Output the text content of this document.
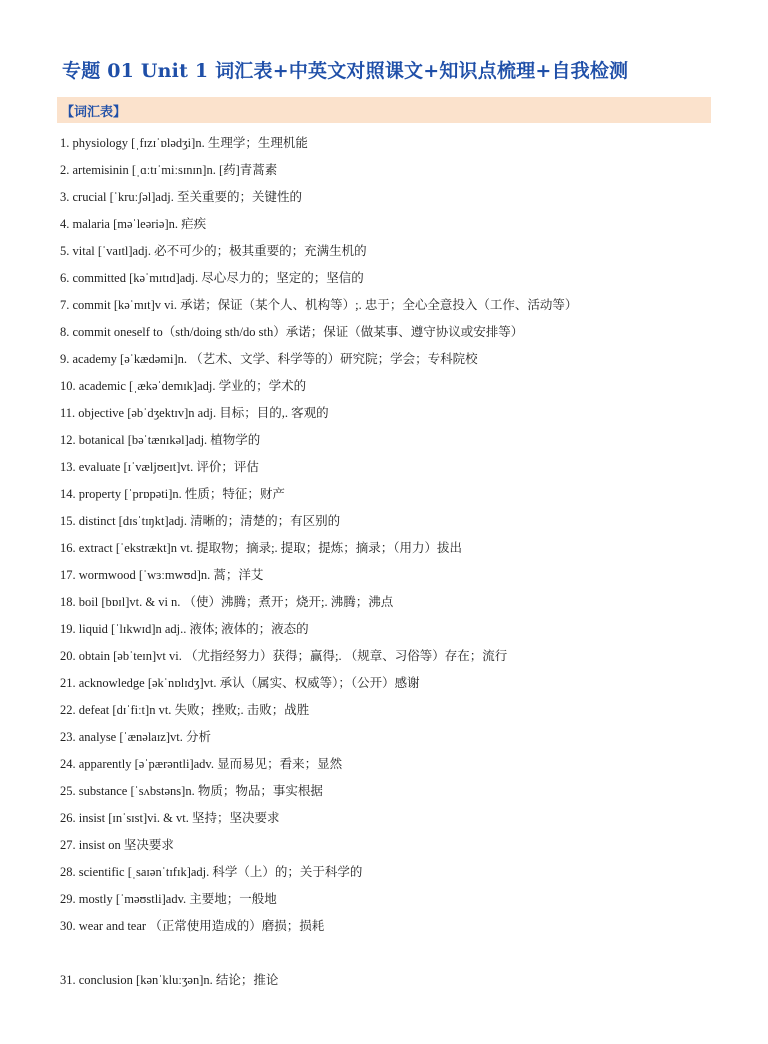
专题 01 Unit 1 词汇表+中英文对照课文+知识点梳理+自我检测
【词汇表】
1. physiology [ˌfɪzɪˈɒlədʒi]n. 生理学；生理机能
2. artemisinin [ˌɑːtɪˈmiːsɪnɪn]n. [药]青蒿素
3. crucial [ˈkruːʃəl]adj. 至关重要的；关键性的
4. malaria [məˈleəriə]n. 疟疾
5. vital [ˈvaɪtl]adj. 必不可少的；极其重要的；充满生机的
6. committed [kəˈmɪtɪd]adj. 尽心尽力的；坚定的；坚信的
7. commit [kəˈmɪt]v vi. 承诺；保证（某个人、机构等）;. 忠于；全心全意投入（工作、活动等）
8. commit oneself to（sth/doing sth/do sth）承诺；保证（做某事、遵守协议或安排等）
9. academy [əˈkædəmi]n. （艺术、文学、科学等的）研究院；学会；专科院校
10. academic [ˌækəˈdemɪk]adj. 学业的；学术的
11. objective [əbˈdʒektɪv]n adj. 目标；目的,. 客观的
12. botanical [bəˈtænɪkəl]adj. 植物学的
13. evaluate [ɪˈvæljʊeɪt]vt. 评价；评估
14. property [ˈprɒpəti]n. 性质；特征；财产
15. distinct [dɪsˈtɪŋkt]adj. 清晰的；清楚的；有区别的
16. extract [ˈekstrækt]n vt. 提取物；摘录;. 提取；提炼；摘录；（用力）拔出
17. wormwood [ˈwɜːmwʊd]n. 蒿；洋艾
18. boil [bɒɪl]vt. & vi n. （使）沸腾；煮开；烧开;. 沸腾；沸点
19. liquid [ˈlɪkwɪd]n adj.. 液体; 液体的；液态的
20. obtain [əbˈteɪn]vt vi. （尤指经努力）获得；赢得;. （规章、习俗等）存在；流行
21. acknowledge [əkˈnɒlɪdʒ]vt. 承认（属实、权威等）；（公开）感谢
22. defeat [dɪˈfiːt]n vt. 失败；挫败;. 击败；战胜
23. analyse [ˈænəlaɪz]vt. 分析
24. apparently [əˈpærəntli]adv. 显而易见；看来；显然
25. substance [ˈsʌbstəns]n. 物质；物品；事实根据
26. insist [ɪnˈsɪst]vi. & vt. 坚持；坚决要求
27. insist on 坚决要求
28. scientific [ˌsaɪənˈtɪfɪk]adj. 科学（上）的；关于科学的
29. mostly [ˈməʊstli]adv. 主要地；一般地
30. wear and tear （正常使用造成的）磨损；损耗
31. conclusion [kənˈkluːʒən]n. 结论；推论
